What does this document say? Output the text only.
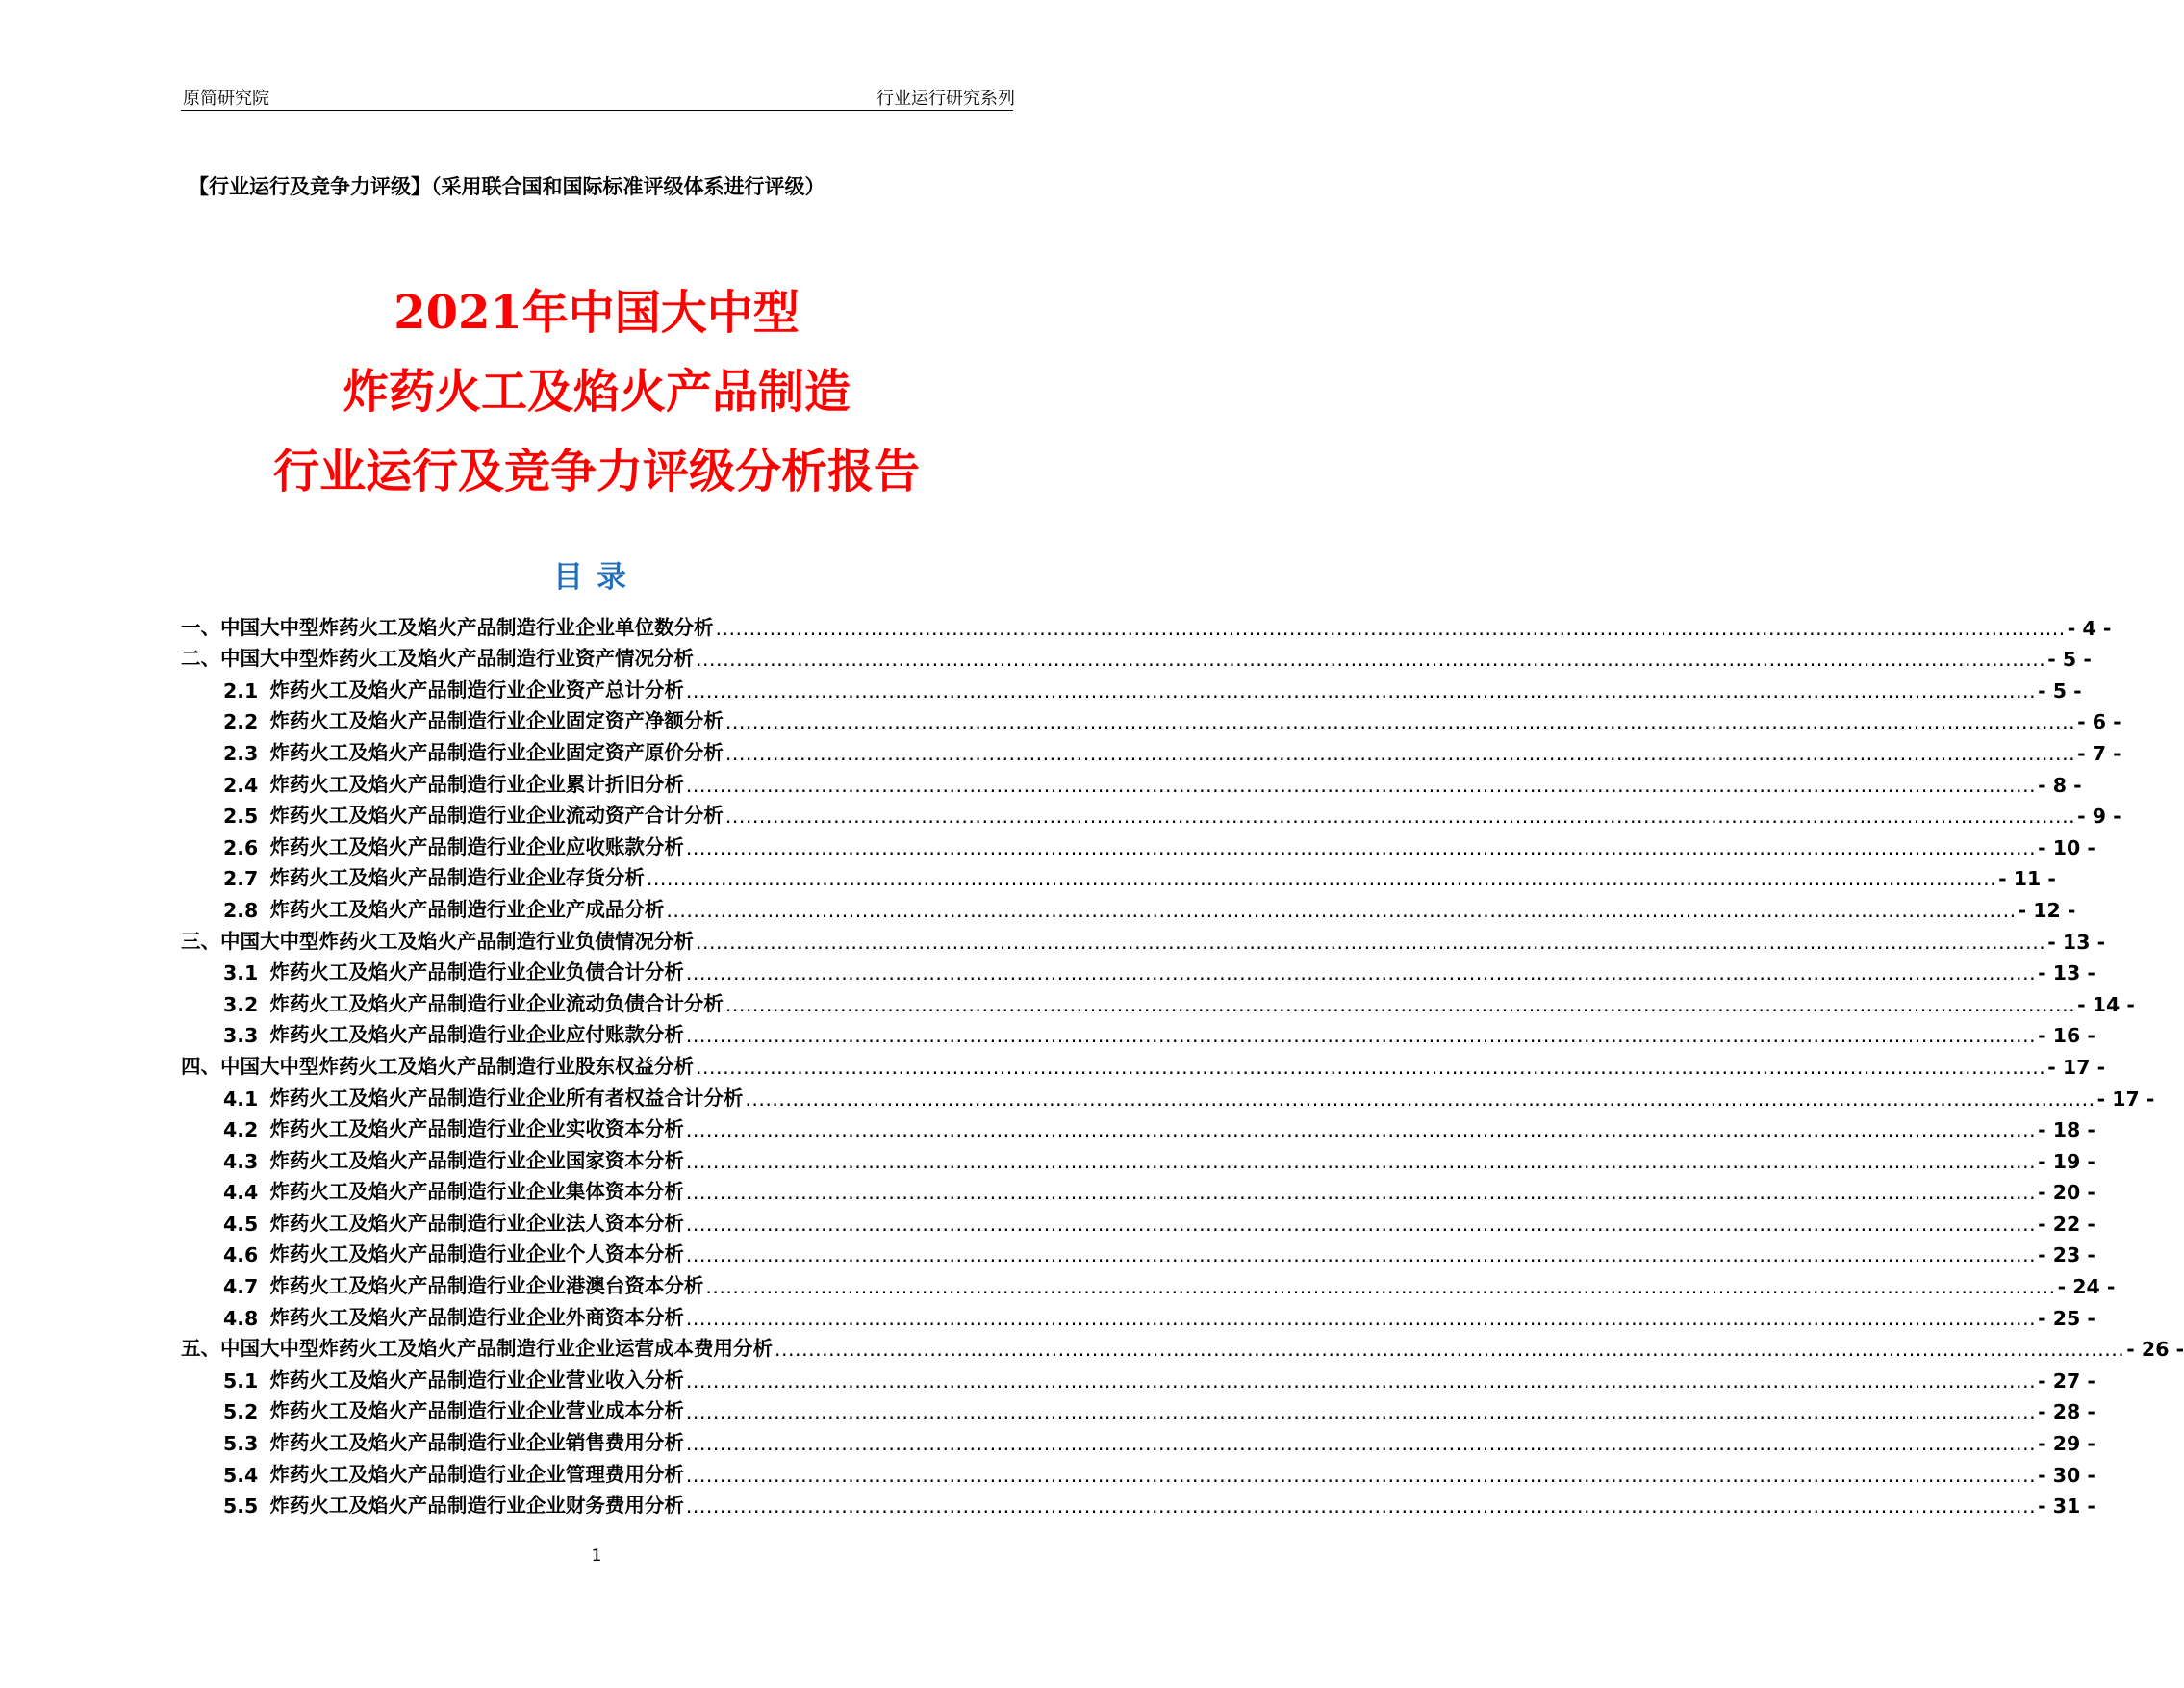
原简研究院	行业运行研究系列
【行业运行及竞争力评级】（采用联合国和国际标准评级体系进行评级）
2021年中国大中型
炸药火工及焰火产品制造
行业运行及竞争力评级分析报告
目录
一、中国大中型炸药火工及焰火产品制造行业企业单位数分析 ........................................................................................................................................................................................................ - 4 -
二、中国大中型炸药火工及焰火产品制造行业资产情况分析 ........................................................................................................................................................................................................ - 5 -
2.1 炸药火工及焰火产品制造行业企业资产总计分析 ........................................................................................................................................................................................................ - 5 -
2.2 炸药火工及焰火产品制造行业企业固定资产净额分析 ........................................................................................................................................................................................................ - 6 -
2.3 炸药火工及焰火产品制造行业企业固定资产原价分析 ........................................................................................................................................................................................................ - 7 -
2.4 炸药火工及焰火产品制造行业企业累计折旧分析 ........................................................................................................................................................................................................ - 8 -
2.5 炸药火工及焰火产品制造行业企业流动资产合计分析 ........................................................................................................................................................................................................ - 9 -
2.6 炸药火工及焰火产品制造行业企业应收账款分析 ........................................................................................................................................................................................................ - 10 -
2.7 炸药火工及焰火产品制造行业企业存货分析 ........................................................................................................................................................................................................ - 11 -
2.8 炸药火工及焰火产品制造行业企业产成品分析 ........................................................................................................................................................................................................ - 12 -
三、中国大中型炸药火工及焰火产品制造行业负债情况分析 ........................................................................................................................................................................................................ - 13 -
3.1 炸药火工及焰火产品制造行业企业负债合计分析 ........................................................................................................................................................................................................ - 13 -
3.2 炸药火工及焰火产品制造行业企业流动负债合计分析 ........................................................................................................................................................................................................ - 14 -
3.3 炸药火工及焰火产品制造行业企业应付账款分析 ........................................................................................................................................................................................................ - 16 -
四、中国大中型炸药火工及焰火产品制造行业股东权益分析 ........................................................................................................................................................................................................ - 17 -
4.1 炸药火工及焰火产品制造行业企业所有者权益合计分析 ........................................................................................................................................................................................................ - 17 -
4.2 炸药火工及焰火产品制造行业企业实收资本分析 ........................................................................................................................................................................................................ - 18 -
4.3 炸药火工及焰火产品制造行业企业国家资本分析 ........................................................................................................................................................................................................ - 19 -
4.4 炸药火工及焰火产品制造行业企业集体资本分析 ........................................................................................................................................................................................................ - 20 -
4.5 炸药火工及焰火产品制造行业企业法人资本分析 ........................................................................................................................................................................................................ - 22 -
4.6 炸药火工及焰火产品制造行业企业个人资本分析 ........................................................................................................................................................................................................ - 23 -
4.7 炸药火工及焰火产品制造行业企业港澳台资本分析 ........................................................................................................................................................................................................ - 24 -
4.8 炸药火工及焰火产品制造行业企业外商资本分析 ........................................................................................................................................................................................................ - 25 -
五、中国大中型炸药火工及焰火产品制造行业企业运营成本费用分析 ........................................................................................................................................................................................................ - 26 -
5.1 炸药火工及焰火产品制造行业企业营业收入分析 ........................................................................................................................................................................................................ - 27 -
5.2 炸药火工及焰火产品制造行业企业营业成本分析 ........................................................................................................................................................................................................ - 28 -
5.3 炸药火工及焰火产品制造行业企业销售费用分析 ........................................................................................................................................................................................................ - 29 -
5.4 炸药火工及焰火产品制造行业企业管理费用分析 ........................................................................................................................................................................................................ - 30 -
5.5 炸药火工及焰火产品制造行业企业财务费用分析 ........................................................................................................................................................................................................ - 31 -
1
